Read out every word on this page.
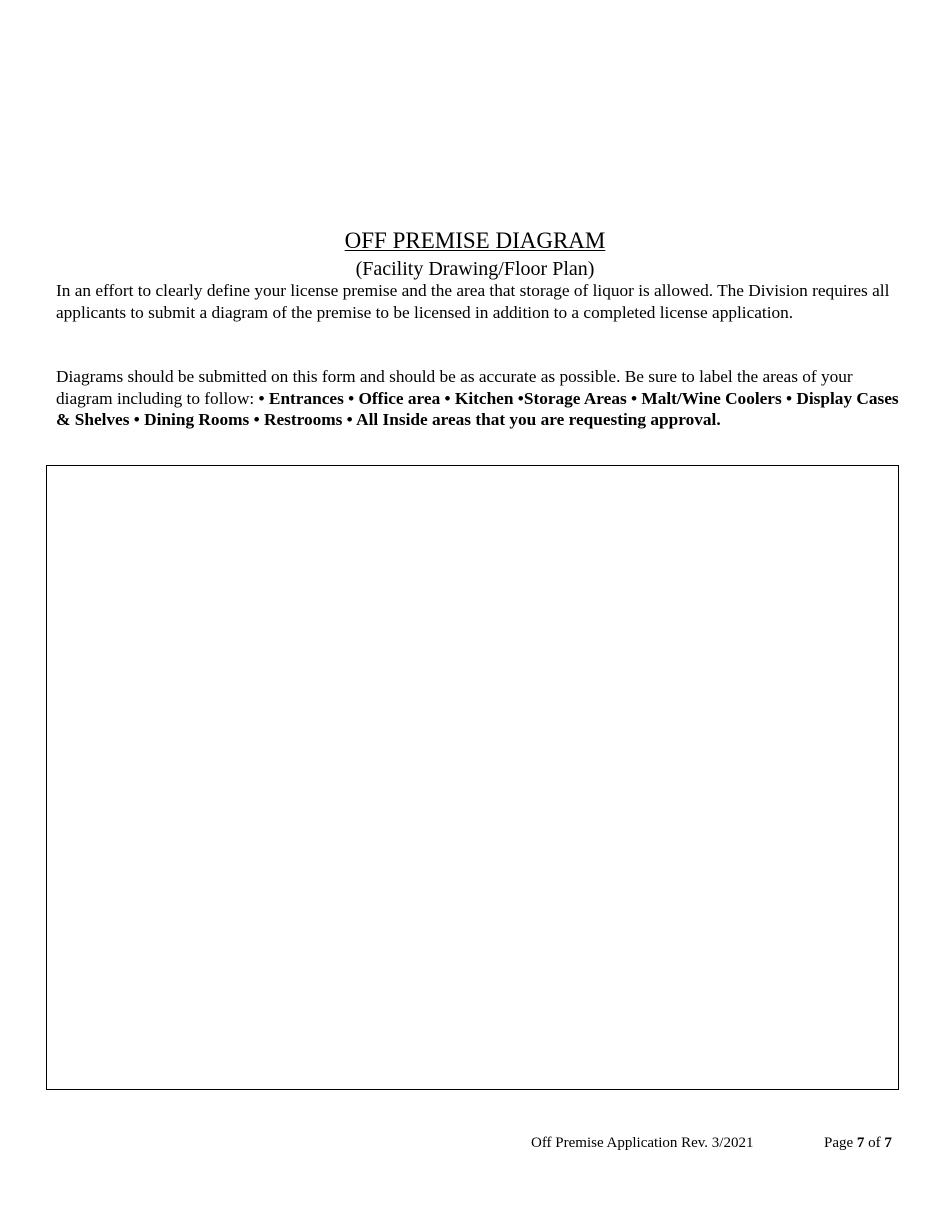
OFF PREMISE DIAGRAM
(Facility Drawing/Floor Plan)

In an effort to clearly define your license premise and the area that storage of liquor is allowed. The Division requires all applicants to submit a diagram of the premise to be licensed in addition to a completed license application.

Diagrams should be submitted on this form and should be as accurate as possible. Be sure to label the areas of your diagram including to follow: • Entrances • Office area • Kitchen •Storage Areas • Malt/Wine Coolers • Display Cases & Shelves • Dining Rooms • Restrooms • All Inside areas that you are requesting approval.

Off Premise Application Rev. 3/2021	Page 7 of 7
